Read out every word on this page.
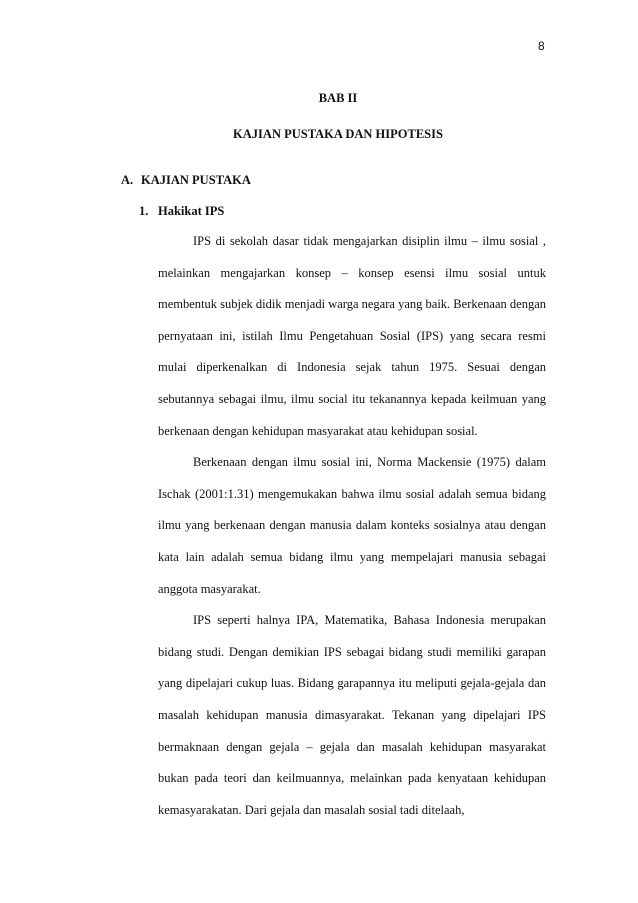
8
BAB II
KAJIAN PUSTAKA DAN HIPOTESIS
A. KAJIAN PUSTAKA
1. Hakikat IPS

IPS di sekolah dasar tidak mengajarkan disiplin ilmu – ilmu sosial , melainkan mengajarkan konsep – konsep esensi ilmu sosial untuk membentuk subjek didik menjadi warga negara yang baik. Berkenaan dengan pernyataan ini, istilah Ilmu Pengetahuan Sosial (IPS) yang secara resmi mulai diperkenalkan di Indonesia sejak tahun 1975. Sesuai dengan sebutannya sebagai ilmu, ilmu social itu tekanannya kepada keilmuan yang berkenaan dengan kehidupan masyarakat atau kehidupan sosial.

Berkenaan dengan ilmu sosial ini, Norma Mackensie (1975) dalam Ischak (2001:1.31) mengemukakan bahwa ilmu sosial adalah semua bidang ilmu yang berkenaan dengan manusia dalam konteks sosialnya atau dengan kata lain adalah semua bidang ilmu yang mempelajari manusia sebagai anggota masyarakat.

IPS seperti halnya IPA, Matematika, Bahasa Indonesia merupakan bidang studi. Dengan demikian IPS sebagai bidang studi memiliki garapan yang dipelajari cukup luas. Bidang garapannya itu meliputi gejala-gejala dan masalah kehidupan manusia dimasyarakat. Tekanan yang dipelajari IPS bermaknaan dengan gejala – gejala dan masalah kehidupan masyarakat bukan pada teori dan keilmuannya, melainkan pada kenyataan kehidupan kemasyarakatan. Dari gejala dan masalah sosial tadi ditelaah,
